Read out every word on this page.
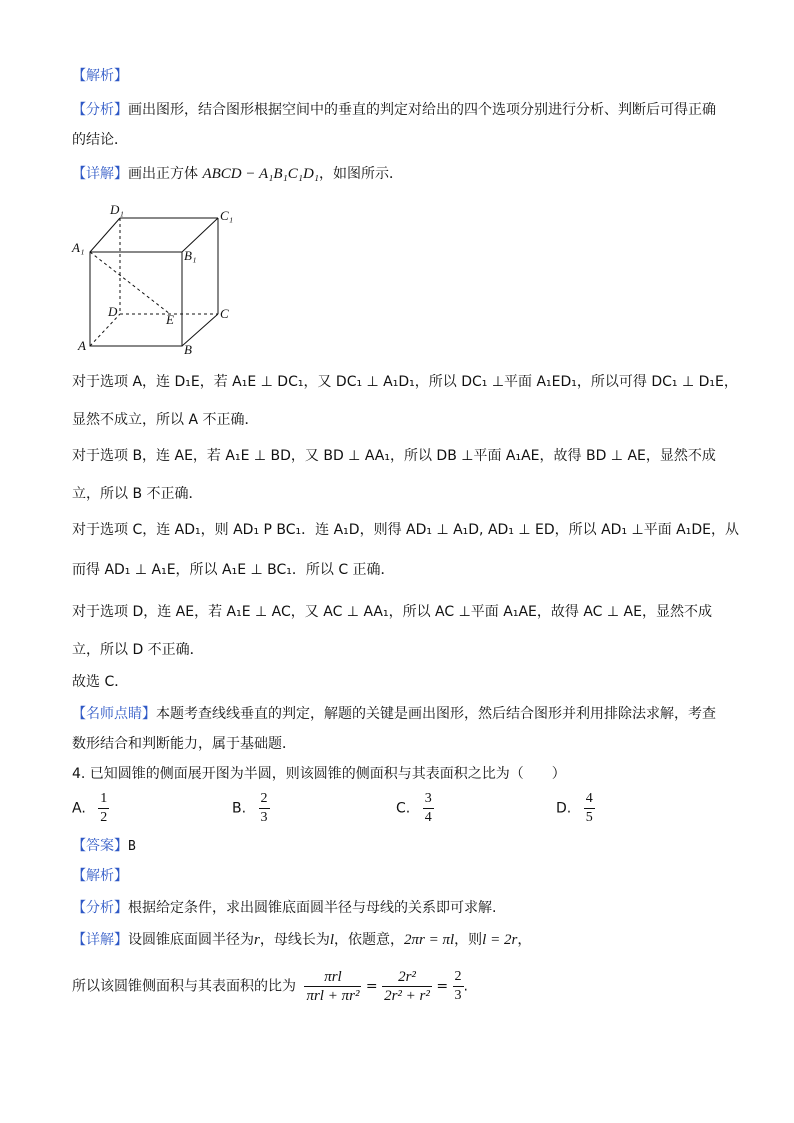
【解析】
【分析】画出图形，结合图形根据空间中的垂直的判定对给出的四个选项分别进行分析、判断后可得正确
的结论．
【详解】画出正方体 ABCD − A₁B₁C₁D₁，如图所示．
D₁	C₁
A₁
B₁
D
E	C
A	B
对于选项 A，连 D₁E，若 A₁E ⊥ DC₁，又 DC₁ ⊥ A₁D₁，所以 DC₁ ⊥平面 A₁ED₁，所以可得 DC₁ ⊥ D₁E，
显然不成立，所以 A 不正确．
对于选项 B，连 AE，若 A₁E ⊥ BD，又 BD ⊥ AA₁，所以 DB ⊥平面 A₁AE，故得 BD ⊥ AE，显然不成
立，所以 B 不正确．
对于选项 C，连 AD₁，则 AD₁ P BC₁．连 A₁D，则得 AD₁ ⊥ A₁D, AD₁ ⊥ ED，所以 AD₁ ⊥平面 A₁DE，从
而得 AD₁ ⊥ A₁E，所以 A₁E ⊥ BC₁．所以 C 正确．
对于选项 D，连 AE，若 A₁E ⊥ AC，又 AC ⊥ AA₁，所以 AC ⊥平面 A₁AE，故得 AC ⊥ AE，显然不成
立，所以 D 不正确．
故选 C．
【名师点睛】本题考查线线垂直的判定，解题的关键是画出图形，然后结合图形并利用排除法求解，考查
数形结合和判断能力，属于基础题．
4. 已知圆锥的侧面展开图为半圆，则该圆锥的侧面积与其表面积之比为（　　）
A. $\frac{1}{2}$	B. $\frac{2}{3}$	C. $\frac{3}{4}$	D. $\frac{4}{5}$
【答案】B
【解析】
【分析】根据给定条件，求出圆锥底面圆半径与母线的关系即可求解.
【详解】设圆锥底面圆半径为r，母线长为l，依题意，2πr = πl，则l = 2r，
所以该圆锥侧面积与其表面积的比为 $\frac{\text{πrl}}{\text{πrl + πr²}} = \frac{\text{2r²}}{\text{2r² + r²}} = \frac{2}{3}$ .
